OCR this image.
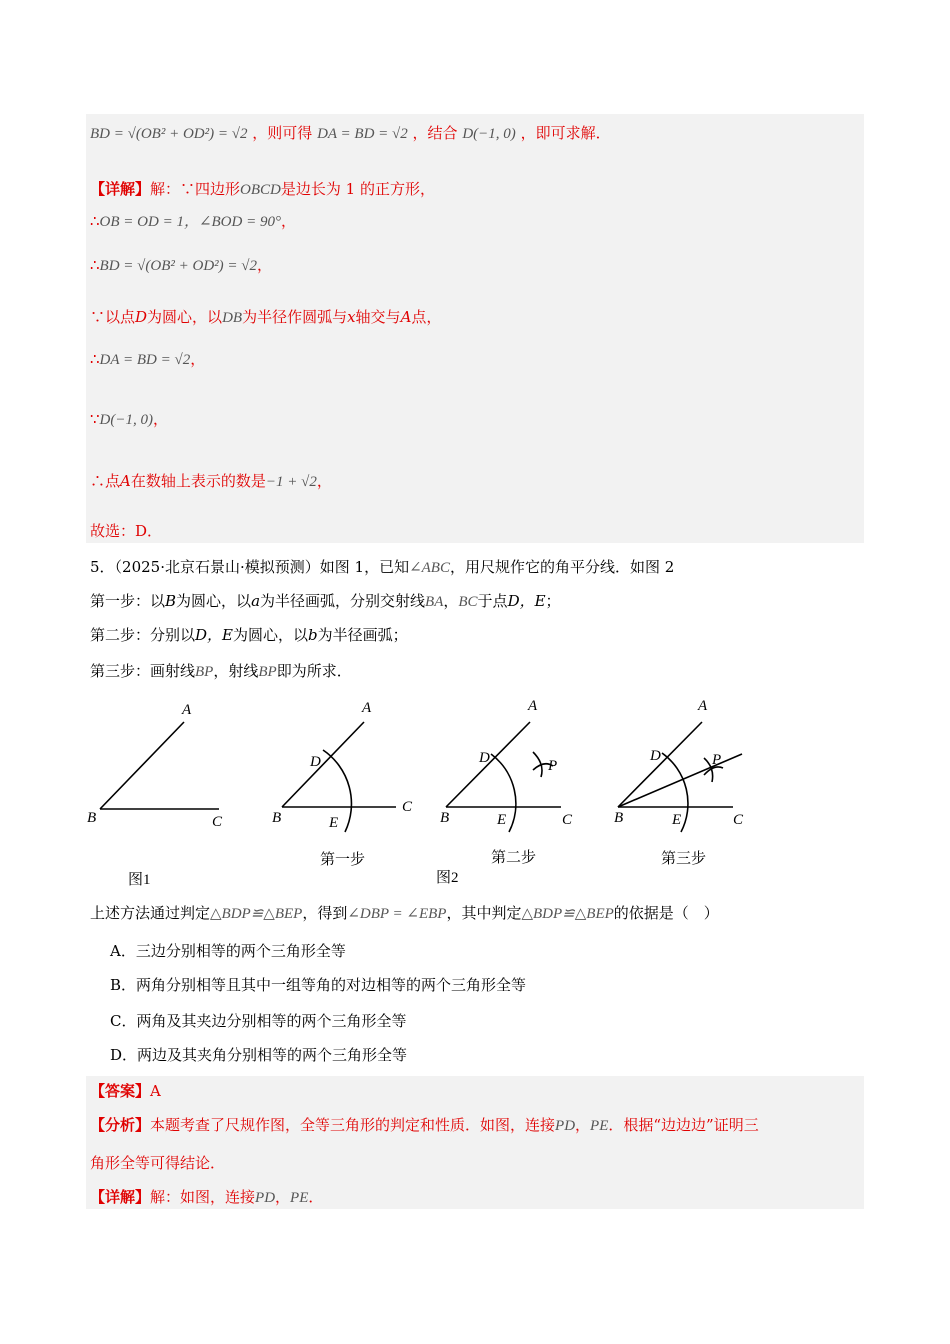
BD = √(OB² + OD²) = √2 ，则可得 DA = BD = √2 ，结合 D(−1, 0) ，即可求解．
【详解】解：∵四边形OBCD是边长为 1 的正方形，
∴OB = OD = 1，∠BOD = 90°，
∴BD = √(OB² + OD²) = √2，
∵以点D为圆心，以DB为半径作圆弧与x轴交与A点，
∴DA = BD = √2，
∵D(−1, 0)，
∴点A在数轴上表示的数是−1 + √2，
故选：D．
5．（2025·北京石景山·模拟预测）如图 1，已知∠ABC，用尺规作它的角平分线．如图 2
第一步：以B为圆心，以a为半径画弧，分别交射线BA，BC于点D，E；
第二步：分别以D，E为圆心，以b为半径画弧；
第三步：画射线BP，射线BP即为所求．
A
B	C
A
D
B	E
C
A
D	P
B	E	C
A
D	P
B	E	C
第一步	第二步	第三步
图1	图2
上述方法通过判定△BDP≌△BEP，得到∠DBP = ∠EBP，其中判定△BDP≌△BEP的依据是（　）
A．三边分别相等的两个三角形全等
B．两角分别相等且其中一组等角的对边相等的两个三角形全等
C．两角及其夹边分别相等的两个三角形全等
D．两边及其夹角分别相等的两个三角形全等
【答案】A
【分析】本题考查了尺规作图，全等三角形的判定和性质．如图，连接PD，PE．根据“边边边”证明三
角形全等可得结论．
【详解】解：如图，连接PD，PE．
